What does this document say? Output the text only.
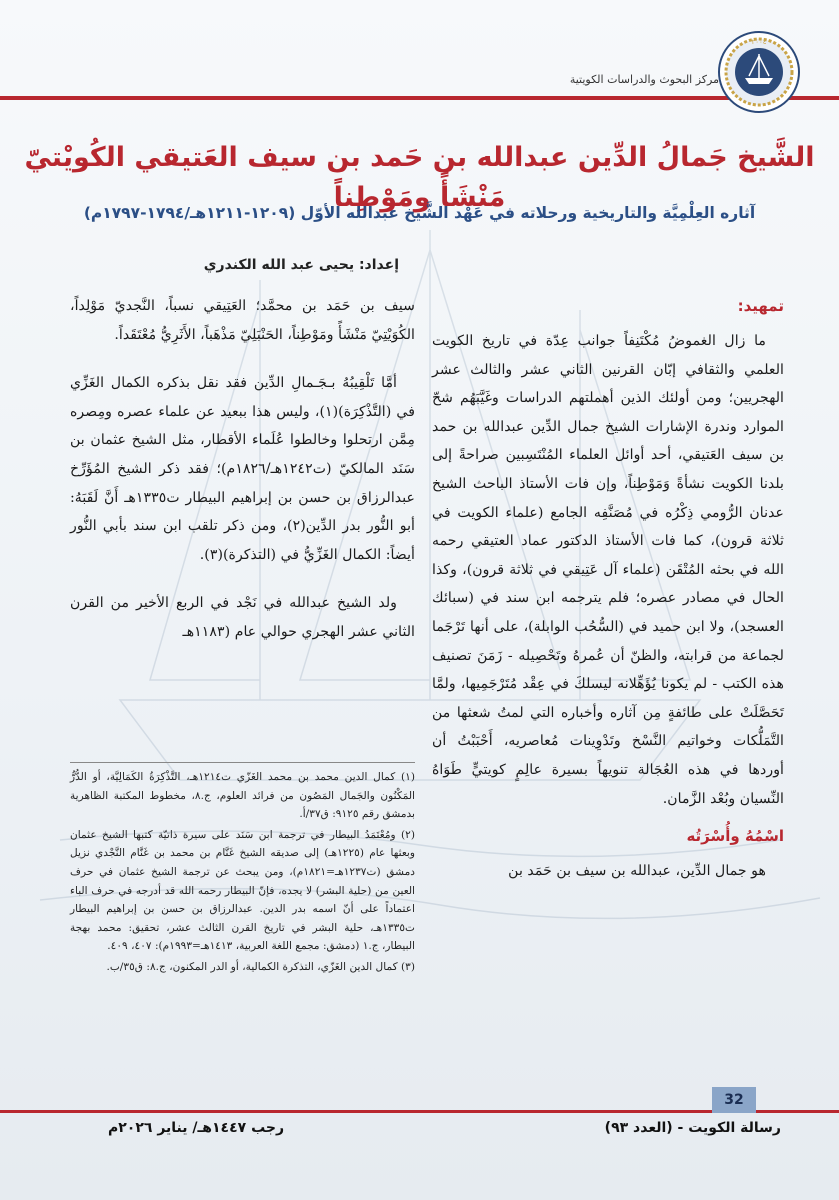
مركز البحوث والدراسات الكويتية
٢٠٠٤
الشَّيخ جَمالُ الدِّين عبدالله بن حَمد بن سيف العَتيقي الكُويْتيّ مَنْشَأً ومَوْطِناً
آثاره العِلْمِيَّة والتاريخية ورحلاته في عَهْد الشَّيخ عبدالله الأوّل (١٢٠٩-١٢١١هـ/١٧٩٤-١٧٩٧م)
إعداد: يحيى عبد الله الكندري
تمهيد:

ما زال الغموضُ مُكْتَنِفاً جوانب عِدّة في تاريخ الكويت العلمي والثقافي إبّان القرنين الثاني عشر والثالث عشر الهجريين؛ ومن أولئك الذين أهملتهم الدراسات وغَيَّبَهُم شحّ الموارد وندرة الإشارات الشيخ جمال الدِّين عبدالله بن حمد بن سيف العَتيقي، أحد أوائل العلماء المُنْتَسِبين صراحةً إلى بلدنا الكويت نشأةً وَمَوْطِناً، وإن فات الأستاذ الباحث الشيخ عدنان الرُّومي ذِكْرُه في مُصَنَّفِه الجامع (علماء الكويت في ثلاثة قرون)، كما فات الأستاذ الدكتور عماد العتيقي رحمه الله في بحثه المُتْقَن (علماء آل عَتِيقي في ثلاثة قرون)، وكذا الحال في مصادر عصره؛ فلم يترجمه ابن سند في (سبائك العسجد)، ولا ابن حميد في (السُّحُب الوابلة)، على أنها تَرْجَما لجماعة من قرابته، والظنّ أن عُمرهُ وتَحْصِيله - زَمَنَ تصنيف هذه الكتب - لم يكونا يُؤَهِّلانه ليسلكَ في عِقْد مُتَرْجَمِيها، ولمَّا تَحَصَّلَتْ على طائفةٍ مِن آثاره وأخباره التي لمتُ شعثها من التَّمَلُّكات وخواتيم النَّسْخ وتَدْوِينات مُعاصريه، أَحْبَبْتُ أن أوردها في هذه العُجَالة تنويهاً بسيرة عالِمٍ كويتيٍّ طَوَاهُ النِّسيان وبُعْد الزَّمان.

اسْمُهُ وأُسْرَتُه

هو جمال الدِّين، عبدالله بن سيف بن حَمَد بن

سيف بن حَمَد بن محمَّد؛ العَتِيقي نسباً، النَّجديّ مَوْلِداً، الكُوَيْتِيّ مَنْشَأً ومَوْطِناً، الحَنْبَلِيّ مَذْهَباً، الأَثَرِيُّ مُعْتَقَداً.

أمَّا تَلْقِيبُهُ بـجَـمالِ الدِّين فقد نقل بذكره الكمال الغَزِّي في (التَّذْكِرَة)(١)، وليس هذا ببعيد عن علماء عصره ومِصره مِمَّن ارتحلوا وخالطوا عُلَماء الأقطار، مثل الشيخ عثمان بن سَنَد المالكيّ (ت١٢٤٢هـ/١٨٢٦م)؛ فقد ذكر الشيخ المُؤَرِّخ عبدالرزاق بن حسن بن إبراهيم البيطار ت١٣٣٥هـ أَنَّ لَقَبَهُ: أبو النُّور بدر الدِّين(٢)، ومن ذكر تلقب ابن سند بأبي النُّور أيضاً: الكمال الغَزِّيُّ في (التذكرة)(٣).

ولد الشيخ عبدالله في نَجْد في الربع الأخير من القرن الثاني عشر الهجري حوالي عام (١١٨٣هـ

(١) كمال الدين محمد بن محمد الغَزّي ت١٢١٤هـ، التَّذْكِرَةُ الكَمَالِيَّة، أو الدُّرُّ المَكْنُون والجَمال المَصُون من فرائد العلوم، ج.٨، مخطوط المكتبة الظاهرية بدمشق رقم ٩١٢٥: ق٣٧/أ.

(٢) ومُعْتَمَدُ البيطار في ترجمة ابن سَنَد على سيرة ذاتيّة كتبها الشيخ عثمان وبعثها عام (١٢٢٥هـ) إلى صديقه الشيخ غَنَّام بن محمد بن غَنَّام النَّجْدي نزيل دمشق (ت١٢٣٧هـ=١٨٢١م)، ومن يبحث عن ترجمة الشيخ عثمان في حرف العين من (حلية البشر) لا يجده، فإنّ البيطار رحمه الله قد أدرجه في حرف الباء اعتماداً على أنّ اسمه بدر الدين. عبدالرزاق بن حسن بن إبراهيم البيطار ت١٣٣٥هـ، حلية البشر في تاريخ القرن الثالث عشر، تحقيق: محمد بهجة البيطار، ج.١ (دمشق: مجمع اللغة العربية، ١٤١٣هـ=١٩٩٣م): ٤٠٧، ٤٠٩.

(٣) كمال الدين الغَزّي، التذكرة الكمالية، أو الدر المكنون، ج.٨: ق٣٥/ب.

32
رسالة الكويت - (العدد ٩٣)
رجب ١٤٤٧هـ/ يناير ٢٠٢٦م
